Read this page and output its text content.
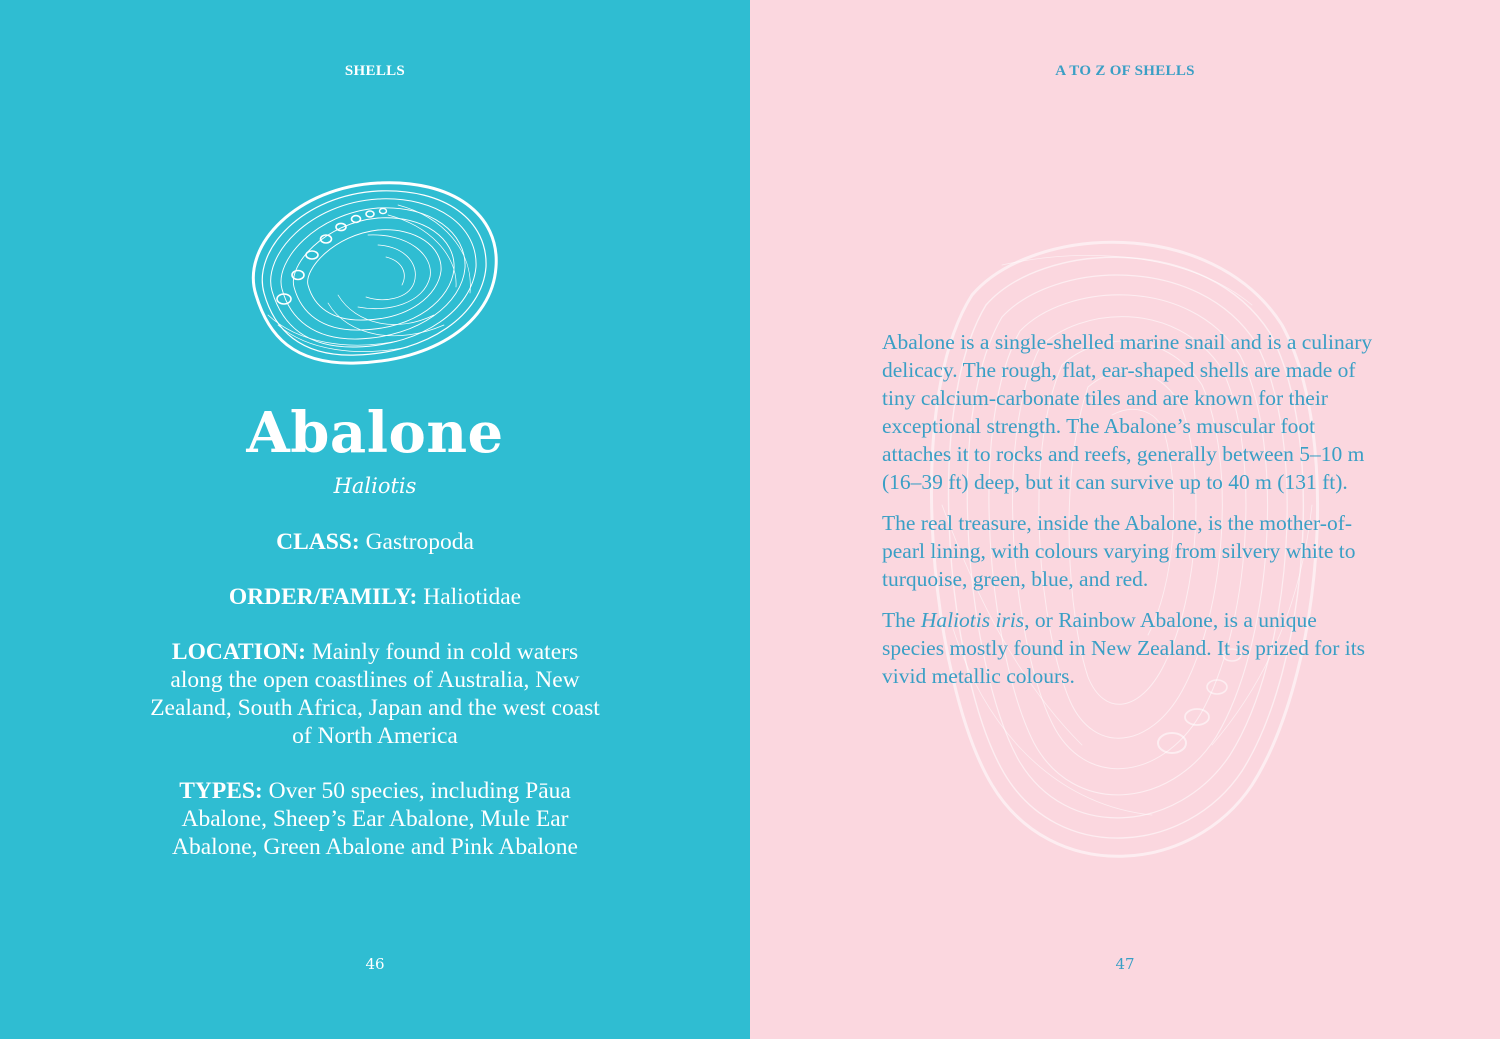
SHELLS
Abalone
Haliotis

CLASS: Gastropoda

ORDER/FAMILY: Haliotidae

LOCATION: Mainly found in cold waters along the open coastlines of Australia, New Zealand, South Africa, Japan and the west coast of North America

TYPES: Over 50 species, including Pāua Abalone, Sheep’s Ear Abalone, Mule Ear Abalone, Green Abalone and Pink Abalone

46
A TO Z OF SHELLS

Abalone is a single-shelled marine snail and is a culinary delicacy. The rough, flat, ear-shaped shells are made of tiny calcium-carbonate tiles and are known for their exceptional strength. The Abalone’s muscular foot attaches it to rocks and reefs, generally between 5–10 m (16–39 ft) deep, but it can survive up to 40 m (131 ft).

The real treasure, inside the Abalone, is the mother-of-pearl lining, with colours varying from silvery white to turquoise, green, blue, and red.

The Haliotis iris, or Rainbow Abalone, is a unique species mostly found in New Zealand. It is prized for its vivid metallic colours.

47
